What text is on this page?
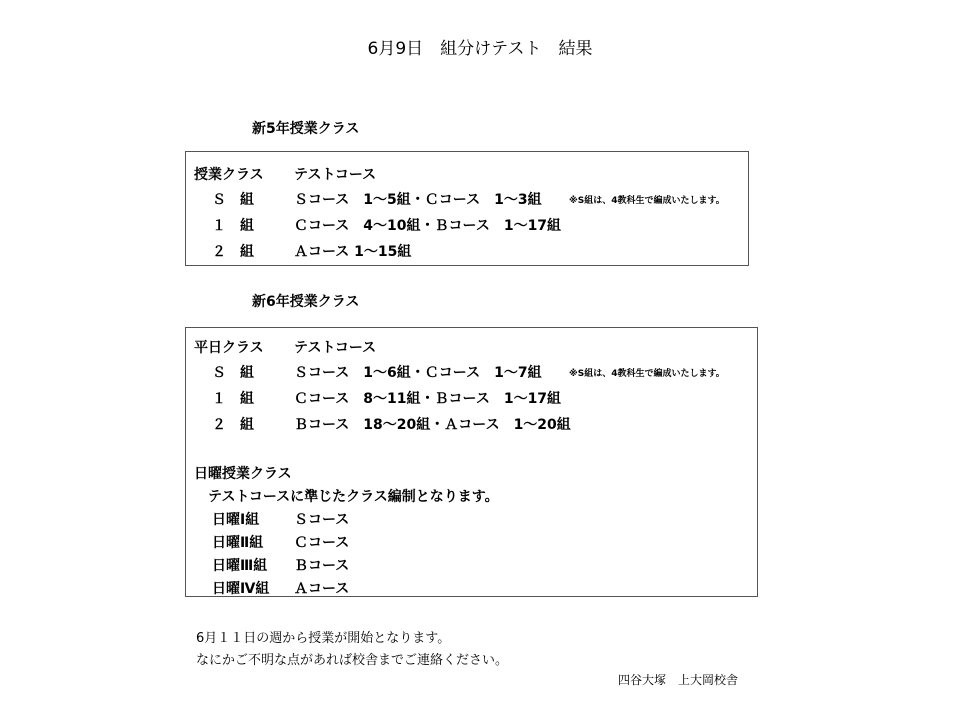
6月9日　組分けテスト　結果
新5年授業クラス
授業クラス テストコース
Ｓ　組	Ｓコース　1～5組・Ｃコース　1～3組	※S組は、4教科生で編成いたします。
１　組	Ｃコース　4～10組・Ｂコース　1～17組
２　組	Ａコース 1～15組
新6年授業クラス
平日クラス テストコース
Ｓ　組	Ｓコース　1～6組・Ｃコース　1～7組	※S組は、4教科生で編成いたします。
１　組	Ｃコース　8～11組・Ｂコース　1～17組
２　組	Ｂコース　18～20組・Ａコース　1～20組
日曜授業クラス
テストコースに準じたクラス編制となります。
日曜Ⅰ組 Ｓコース
日曜Ⅱ組 Ｃコース
日曜Ⅲ組 Ｂコース
日曜Ⅳ組 Ａコース
6月１１日の週から授業が開始となります。
なにかご不明な点があれば校舎までご連絡ください。
四谷大塚　上大岡校舎
